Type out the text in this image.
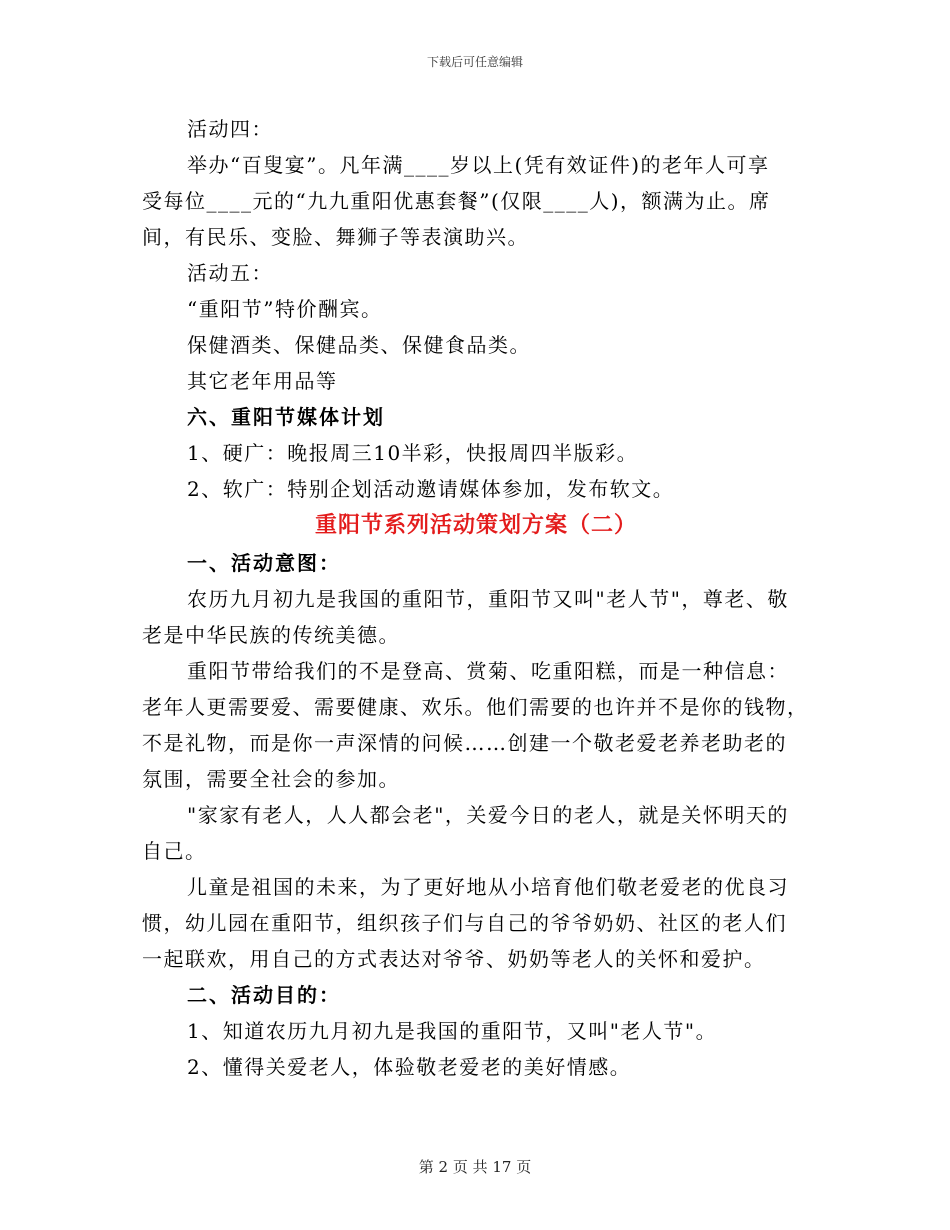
下载后可任意编辑

活动四：

举办“百叟宴”。凡年满____岁以上(凭有效证件)的老年人可享

受每位____元的“九九重阳优惠套餐”(仅限____人)，额满为止。席

间，有民乐、变脸、舞狮子等表演助兴。

活动五：

“重阳节”特价酬宾。

保健酒类、保健品类、保健食品类。

其它老年用品等

六、重阳节媒体计划

1、硬广：晚报周三10半彩，快报周四半版彩。

2、软广：特别企划活动邀请媒体参加，发布软文。

重阳节系列活动策划方案（二）

一、活动意图：

农历九月初九是我国的重阳节，重阳节又叫"老人节"，尊老、敬

老是中华民族的传统美德。

重阳节带给我们的不是登高、赏菊、吃重阳糕，而是一种信息：

老年人更需要爱、需要健康、欢乐。他们需要的也许并不是你的钱物，

不是礼物，而是你一声深情的问候……创建一个敬老爱老养老助老的

氛围，需要全社会的参加。

"家家有老人，人人都会老"，关爱今日的老人，就是关怀明天的

自己。

儿童是祖国的未来，为了更好地从小培育他们敬老爱老的优良习

惯，幼儿园在重阳节，组织孩子们与自己的爷爷奶奶、社区的老人们

一起联欢，用自己的方式表达对爷爷、奶奶等老人的关怀和爱护。

二、活动目的：

1、知道农历九月初九是我国的重阳节，又叫"老人节"。

2、懂得关爱老人，体验敬老爱老的美好情感。

第 2 页 共 17 页
